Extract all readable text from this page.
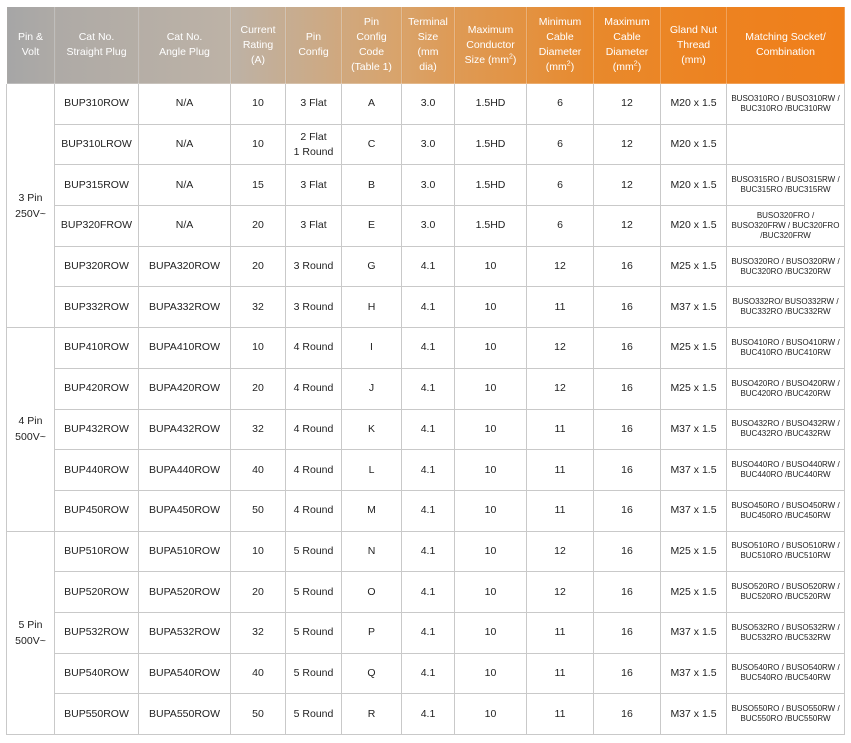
Pin &
Volt	Cat No.
Straight Plug	Cat No.
Angle Plug	Current
Rating
(A)	Pin
Config	Pin
Config
Code
(Table 1)	Terminal
Size
(mm
dia)	Maximum
Conductor
Size $(mm^2)$	Minimum
Cable
Diameter
$(mm^2)$	Maximum
Cable
Diameter
$(mm^2)$	Gland Nut
Thread
(mm)	Matching Socket/
Combination
3 Pin
250V~	BUP310ROW	N/A	10	3 Flat	A	3.0	1.5HD	6	12	M20 x 1.5	BUSO310RO / BUSO310RW /
BUC310RO /BUC310RW
	BUP310LROW	N/A	10	2 Flat
1 Round	C	3.0	1.5HD	6	12	M20 x 1.5	
	BUP315ROW	N/A	15	3 Flat	B	3.0	1.5HD	6	12	M20 x 1.5	BUSO315RO / BUSO315RW /
BUC315RO /BUC315RW
	BUP320FROW	N/A	20	3 Flat	E	3.0	1.5HD	6	12	M20 x 1.5	BUSO320FRO /
BUSO320FRW / BUC320FRO
/BUC320FRW
	BUP320ROW	BUPA320ROW	20	3 Round	G	4.1	10	12	16	M25 x 1.5	BUSO320RO / BUSO320RW /
BUC320RO /BUC320RW
	BUP332ROW	BUPA332ROW	32	3 Round	H	4.1	10	11	16	M37 x 1.5	BUSO332RO/ BUSO332RW /
BUC332RO /BUC332RW
4 Pin
500V~	BUP410ROW	BUPA410ROW	10	4 Round	I	4.1	10	12	16	M25 x 1.5	BUSO410RO / BUSO410RW /
BUC410RO /BUC410RW
	BUP420ROW	BUPA420ROW	20	4 Round	J	4.1	10	12	16	M25 x 1.5	BUSO420RO / BUSO420RW /
BUC420RO /BUC420RW
	BUP432ROW	BUPA432ROW	32	4 Round	K	4.1	10	11	16	M37 x 1.5	BUSO432RO / BUSO432RW /
BUC432RO /BUC432RW
	BUP440ROW	BUPA440ROW	40	4 Round	L	4.1	10	11	16	M37 x 1.5	BUSO440RO / BUSO440RW /
BUC440RO /BUC440RW
	BUP450ROW	BUPA450ROW	50	4 Round	M	4.1	10	11	16	M37 x 1.5	BUSO450RO / BUSO450RW /
BUC450RO /BUC450RW
5 Pin
500V~	BUP510ROW	BUPA510ROW	10	5 Round	N	4.1	10	12	16	M25 x 1.5	BUSO510RO / BUSO510RW /
BUC510RO /BUC510RW
	BUP520ROW	BUPA520ROW	20	5 Round	O	4.1	10	12	16	M25 x 1.5	BUSO520RO / BUSO520RW /
BUC520RO /BUC520RW
	BUP532ROW	BUPA532ROW	32	5 Round	P	4.1	10	11	16	M37 x 1.5	BUSO532RO / BUSO532RW /
BUC532RO /BUC532RW
	BUP540ROW	BUPA540ROW	40	5 Round	Q	4.1	10	11	16	M37 x 1.5	BUSO540RO / BUSO540RW /
BUC540RO /BUC540RW
	BUP550ROW	BUPA550ROW	50	5 Round	R	4.1	10	11	16	M37 x 1.5	BUSO550RO / BUSO550RW /
BUC550RO /BUC550RW
